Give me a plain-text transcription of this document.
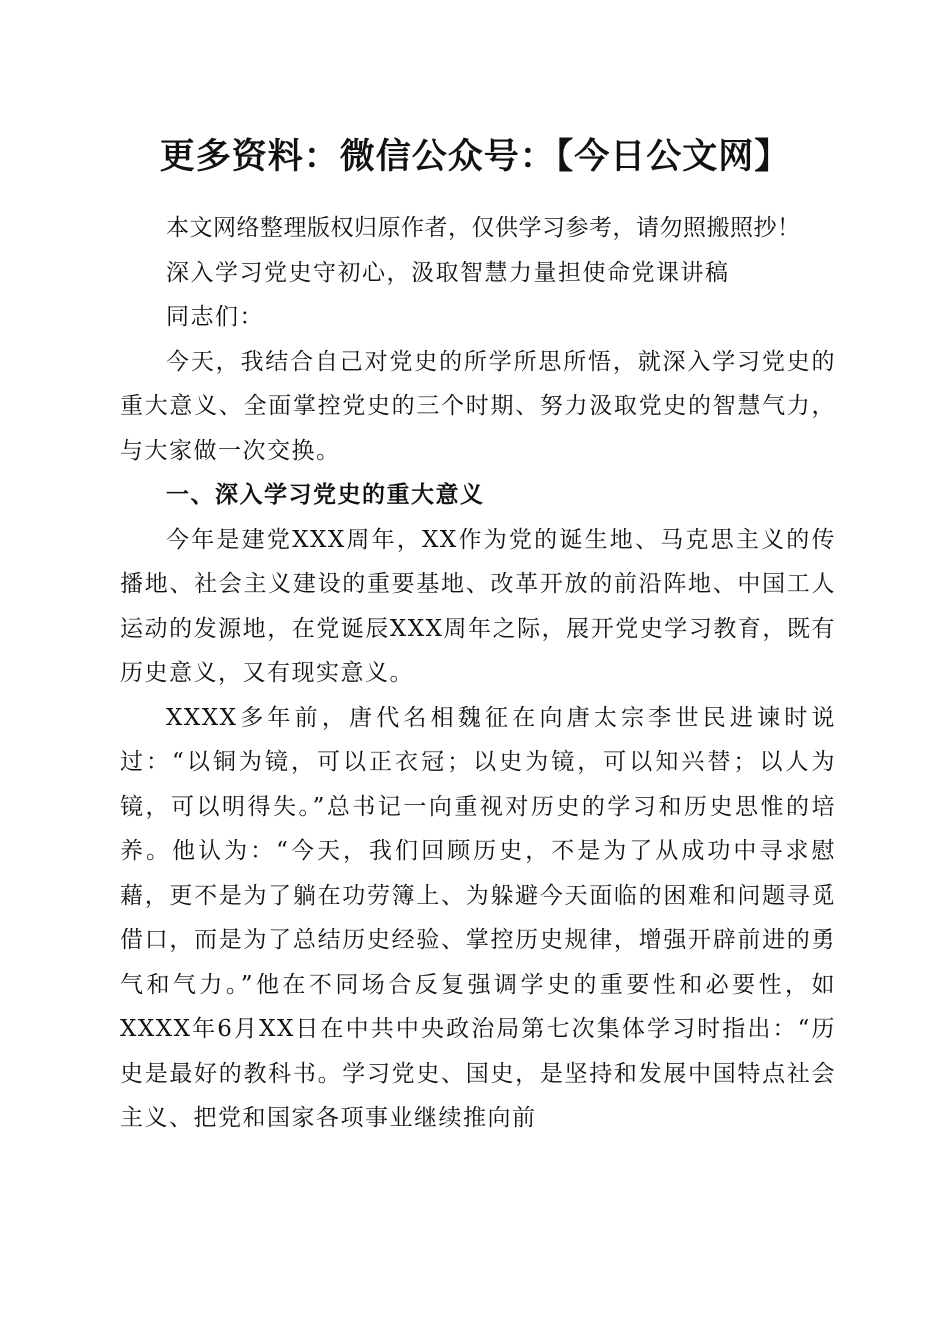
更多资料：微信公众号：【今日公文网】

本文网络整理版权归原作者，仅供学习参考，请勿照搬照抄！

深入学习党史守初心，汲取智慧力量担使命党课讲稿

同志们：

今天，我结合自己对党史的所学所思所悟，就深入学习党史的重大意义、全面掌控党史的三个时期、努力汲取党史的智慧气力，与大家做一次交换。

一、深入学习党史的重大意义

今年是建党XXX周年，XX作为党的诞生地、马克思主义的传播地、社会主义建设的重要基地、改革开放的前沿阵地、中国工人运动的发源地，在党诞辰XXX周年之际，展开党史学习教育，既有历史意义，又有现实意义。

XXXX多年前，唐代名相魏征在向唐太宗李世民进谏时说过：“以铜为镜，可以正衣冠；以史为镜，可以知兴替；以人为镜，可以明得失。”总书记一向重视对历史的学习和历史思惟的培养。他认为：“今天，我们回顾历史，不是为了从成功中寻求慰藉，更不是为了躺在功劳簿上、为躲避今天面临的困难和问题寻觅借口，而是为了总结历史经验、掌控历史规律，增强开辟前进的勇气和气力。”他在不同场合反复强调学史的重要性和必要性，如XXXX年6月XX日在中共中央政治局第七次集体学习时指出：“历史是最好的教科书。学习党史、国史，是坚持和发展中国特点社会主义、把党和国家各项事业继续推向前
